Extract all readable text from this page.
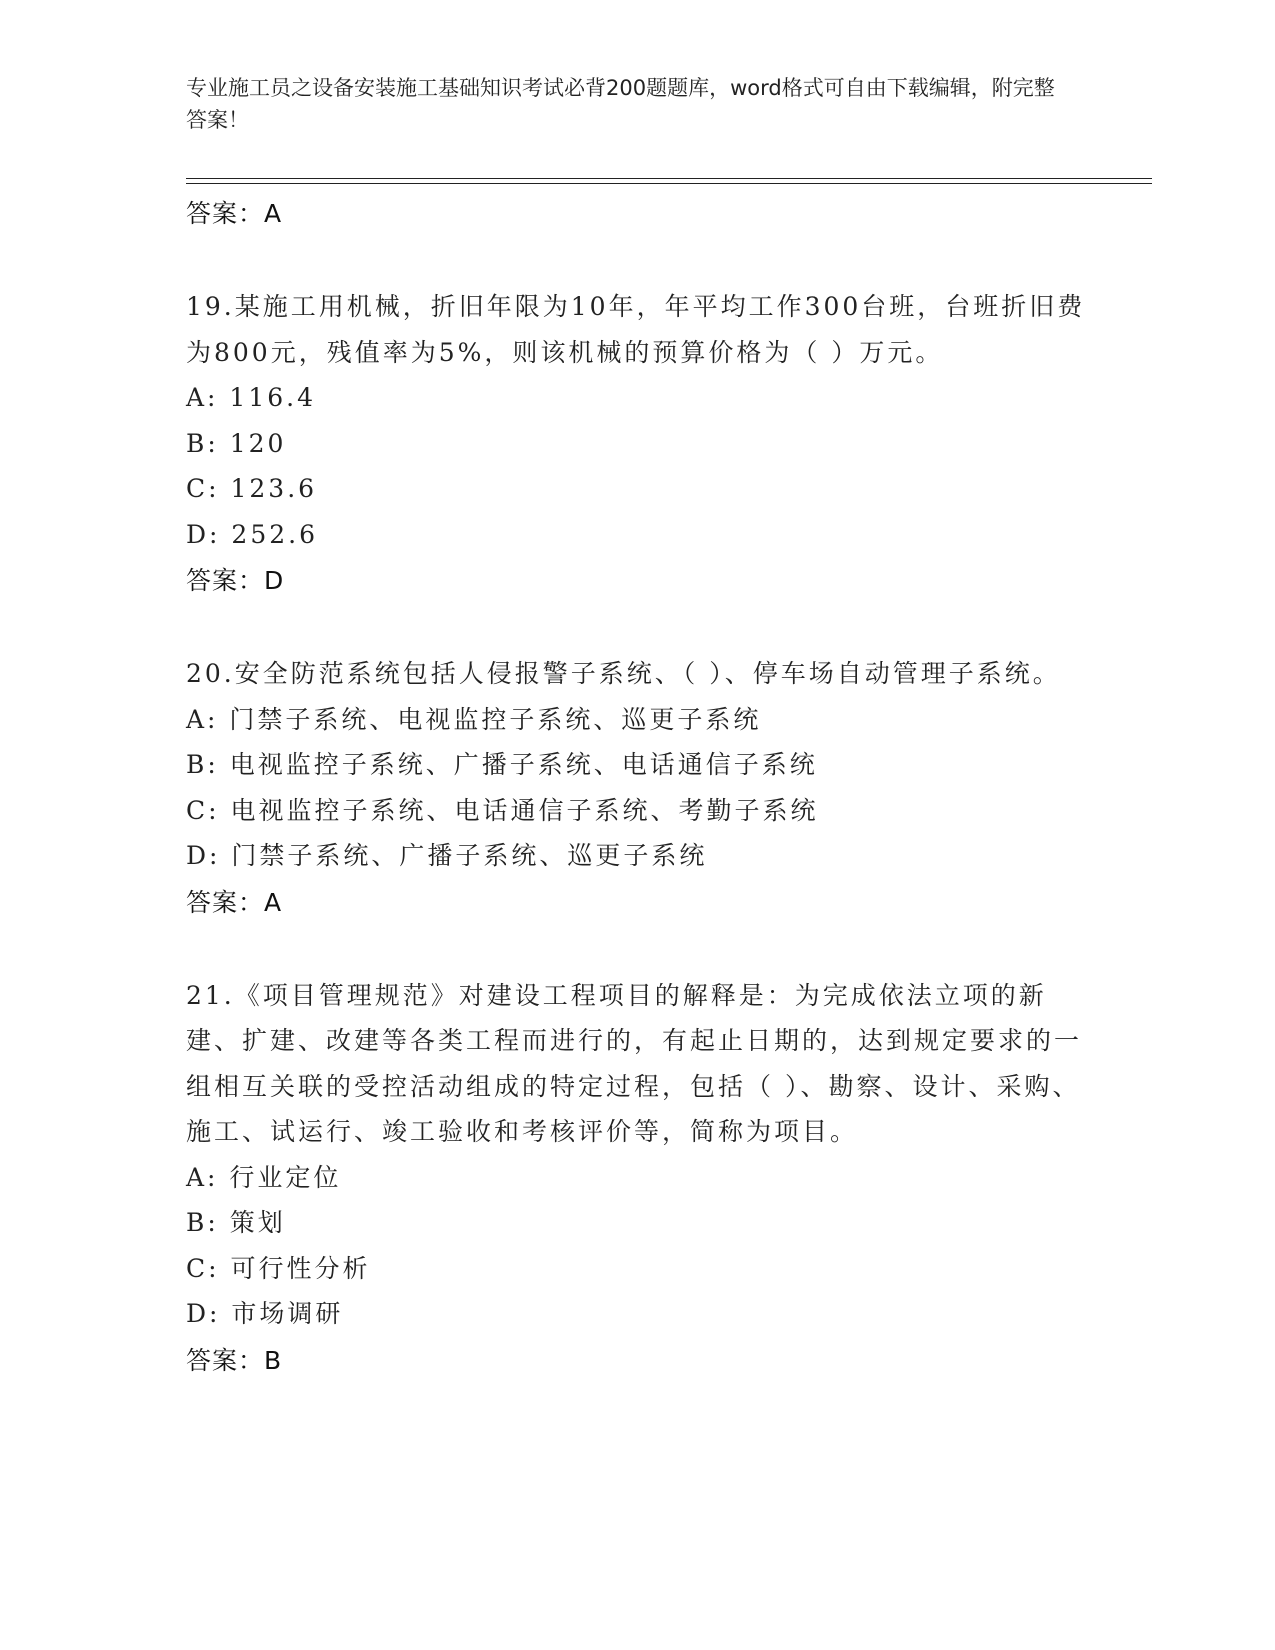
专业施工员之设备安装施工基础知识考试必背200题题库，word格式可自由下载编辑，附完整答案！
答案：A
19.某施工用机械，折旧年限为10年，年平均工作300台班，台班折旧费为800元，残值率为5%，则该机械的预算价格为（ ）万元。
A: 116.4
B: 120
C: 123.6
D: 252.6
答案：D
20.安全防范系统包括人侵报警子系统、（ ）、停车场自动管理子系统。
A: 门禁子系统、电视监控子系统、巡更子系统
B: 电视监控子系统、广播子系统、电话通信子系统
C: 电视监控子系统、电话通信子系统、考勤子系统
D: 门禁子系统、广播子系统、巡更子系统
答案：A
21.《项目管理规范》对建设工程项目的解释是：为完成依法立项的新建、扩建、改建等各类工程而进行的，有起止日期的，达到规定要求的一组相互关联的受控活动组成的特定过程，包括（ ）、勘察、设计、采购、施工、试运行、竣工验收和考核评价等，简称为项目。
A: 行业定位
B: 策划
C: 可行性分析
D: 市场调研
答案：B
